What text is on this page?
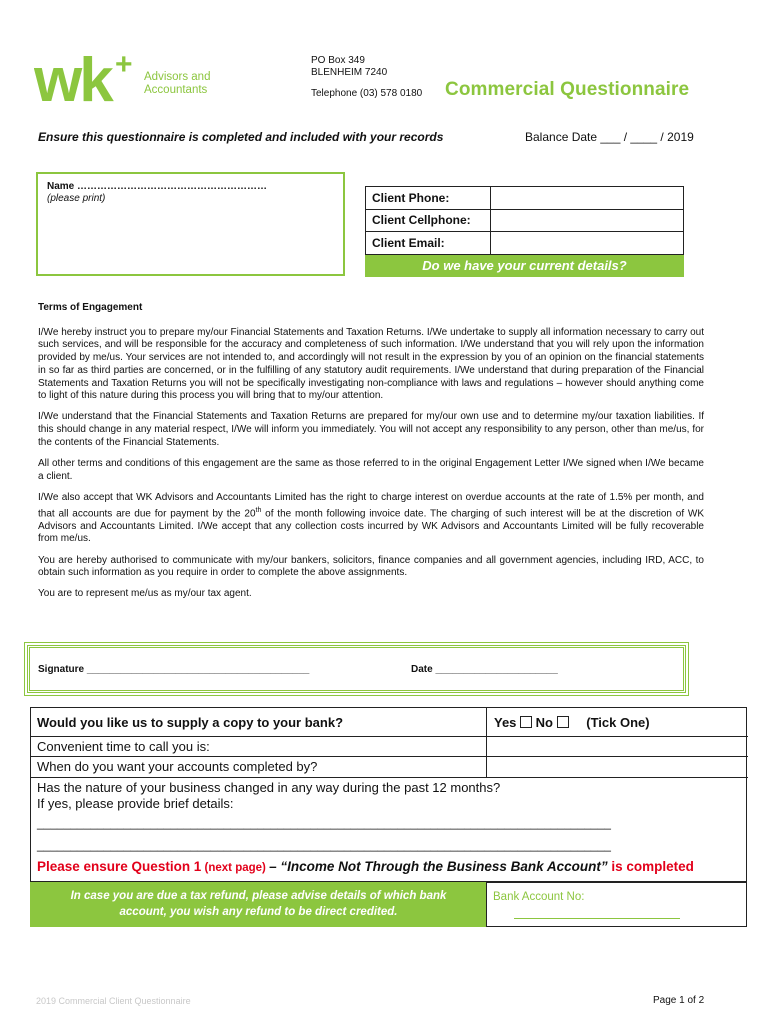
wk + Advisors and
Accountants
PO Box 349
BLENHEIM 7240
Telephone (03) 578 0180 Commercial Questionnaire
Ensure this questionnaire is completed and included with your records	Balance Date ___ / ____ / 2019
Name …………………………………………………
(please print)	Client Phone:	
Client Cellphone:	
Client Email:	
Do we have your current details?
Terms of Engagement

I/We hereby instruct you to prepare my/our Financial Statements and Taxation Returns. I/We undertake to supply all information necessary to carry out such services, and will be responsible for the accuracy and completeness of such information. I/We understand that you will rely upon the information provided by me/us. Your services are not intended to, and accordingly will not result in the expression by you of an opinion on the financial statements in so far as third parties are concerned, or in the fulfilling of any statutory audit requirements. I/We understand that during preparation of the Financial Statements and Taxation Returns you will not be specifically investigating non-compliance with laws and regulations – however should anything come to light of this nature during this process you will bring that to my/our attention.

I/We understand that the Financial Statements and Taxation Returns are prepared for my/our own use and to determine my/our taxation liabilities. If this should change in any material respect, I/We will inform you immediately. You will not accept any responsibility to any person, other than me/us, for the contents of the Financial Statements.

All other terms and conditions of this engagement are the same as those referred to in the original Engagement Letter I/We signed when I/We became a client.

I/We also accept that WK Advisors and Accountants Limited has the right to charge interest on overdue accounts at the rate of 1.5% per month, and that all accounts are due for payment by the 20th of the month following invoice date. The charging of such interest will be at the discretion of WK Advisors and Accountants Limited. I/We accept that any collection costs incurred by WK Advisors and Accountants Limited will be fully recoverable from me/us.

You are hereby authorised to communicate with my/our bankers, solicitors, finance companies and all government agencies, including IRD, ACC, to obtain such information as you require in order to complete the above assignments.

You are to represent me/us as my/our tax agent.

Signature ________________________________________	Date ______________________
Would you like us to supply a copy to your bank?	Yes No	(Tick One)
Convenient time to call you is:
When do you want your accounts completed by?
Has the nature of your business changed in any way during the past 12 months?
If yes, please provide brief details:
______________________________________________________________________________________
______________________________________________________________________________________
Please ensure Question 1 (next page) – “Income Not Through the Business Bank Account” is completed
In case you are due a tax refund, please advise details of which bank
account, you wish any refund to be direct credited.
Bank Account No:
2019 Commercial Client Questionnaire	Page 1 of 2
